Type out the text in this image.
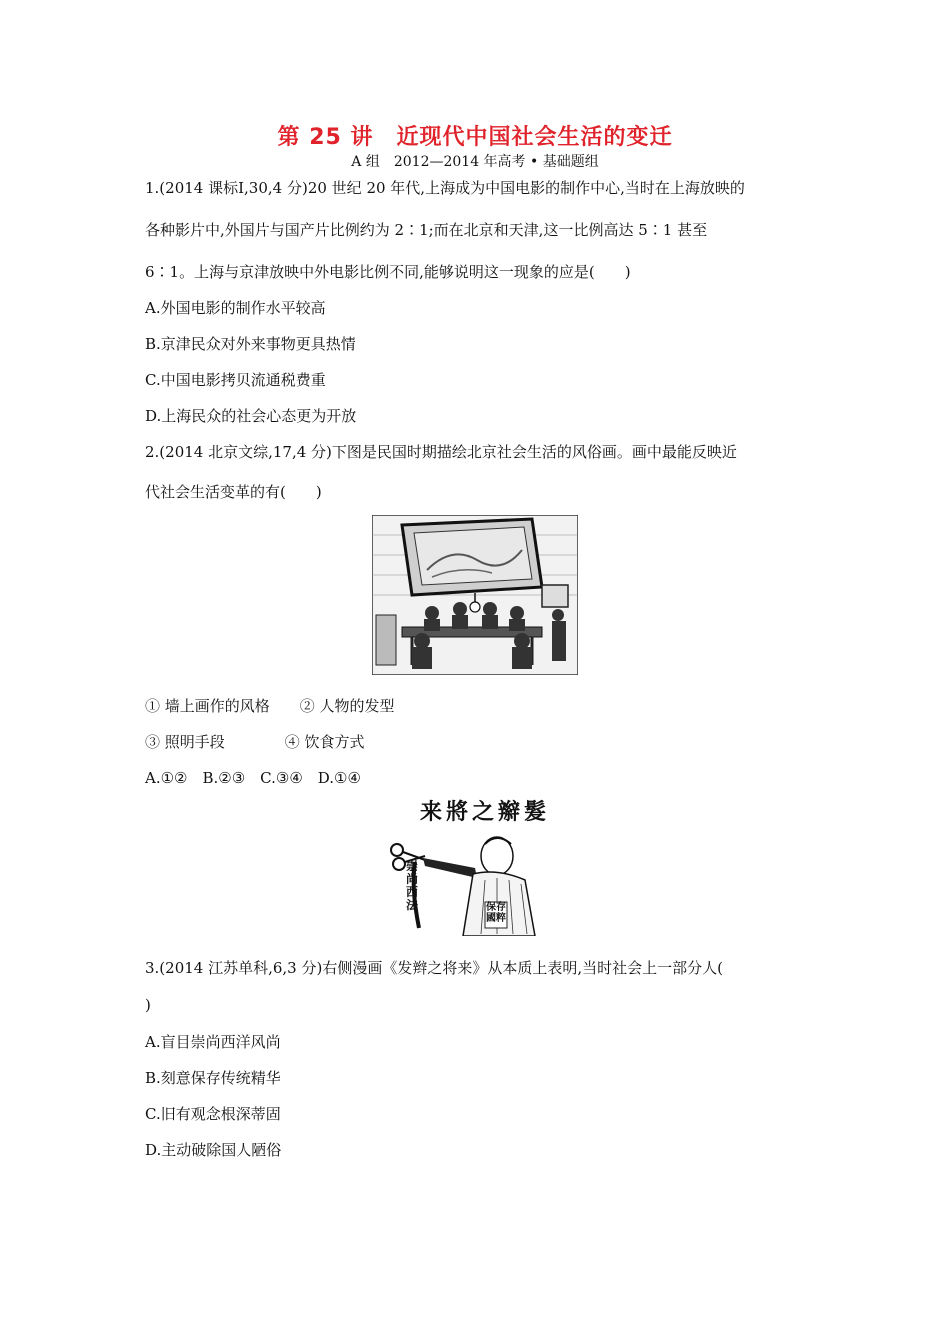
第 25 讲　近现代中国社会生活的变迁
A 组　2012—2014 年高考 • 基础题组
1.(2014 课标Ⅰ,30,4 分)20 世纪 20 年代,上海成为中国电影的制作中心,当时在上海放映的
各种影片中,外国片与国产片比例约为 2∶1;而在北京和天津,这一比例高达 5∶1 甚至
6∶1。上海与京津放映中外电影比例不同,能够说明这一现象的应是(　　)
A.外国电影的制作水平较高
B.京津民众对外来事物更具热情
C.中国电影拷贝流通税费重
D.上海民众的社会心态更为开放
2.(2014 北京文综,17,4 分)下图是民国时期描绘北京社会生活的风俗画。画中最能反映近
代社会生活变革的有(　　)
① 墙上画作的风格　　② 人物的发型
③ 照明手段　　　　④ 饮食方式
A.①②　B.②③　C.③④　D.①④
来將之辮髮
崇尚西法	保存國粹
3.(2014 江苏单科,6,3 分)右侧漫画《发辫之将来》从本质上表明,当时社会上一部分人(
)
A.盲目崇尚西洋风尚
B.刻意保存传统精华
C.旧有观念根深蒂固
D.主动破除国人陋俗
